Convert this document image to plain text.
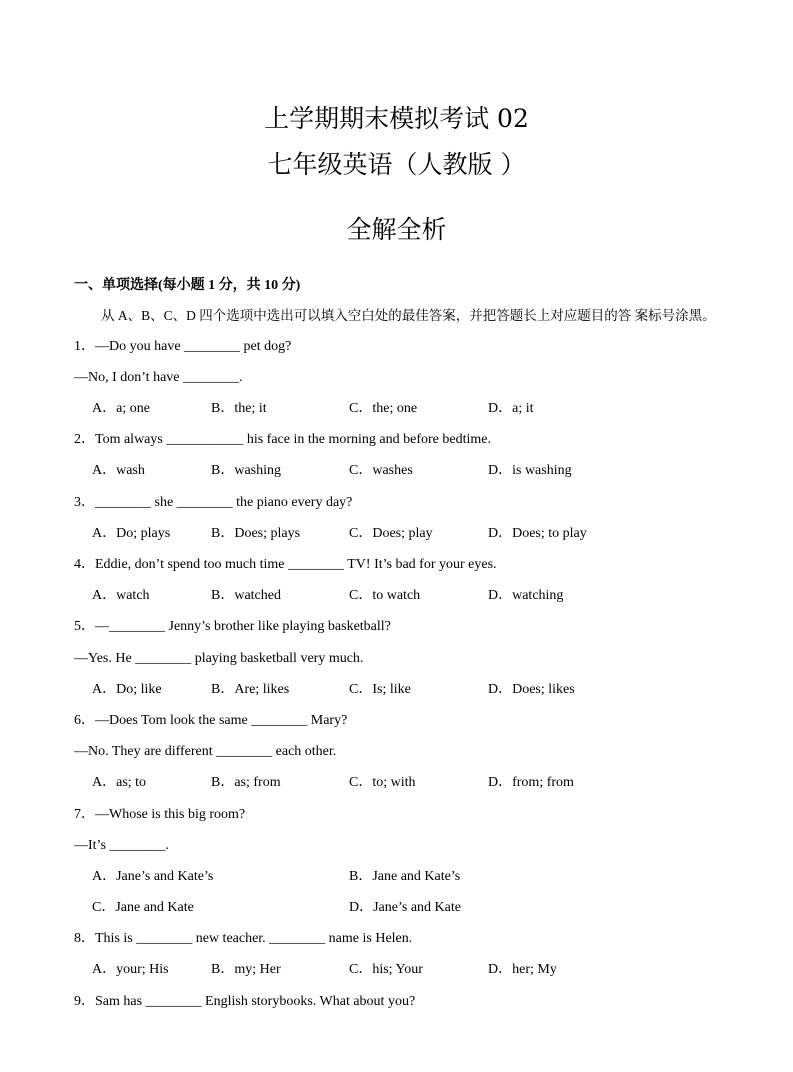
上学期期末模拟考试 02
七年级英语（人教版 ）
全解全析
一、单项选择(每小题 1 分，共 10 分)
从 A、B、C、D 四个选项中选出可以填入空白处的最佳答案，并把答题长上对应题目的答 案标号涂黑。
1．—Do you have ________ pet dog?
—No, I don’t have ________.
A．a; one	B．the; it	C．the; one	D．a; it
2．Tom always ___________ his face in the morning and before bedtime.
A．wash	B．washing	C．washes	D．is washing
3．________ she ________ the piano every day?
A．Do; plays	B．Does; plays	C．Does; play	D．Does; to play
4．Eddie, don’t spend too much time ________ TV! It’s bad for your eyes.
A．watch	B．watched	C．to watch	D．watching
5．—________ Jenny’s brother like playing basketball?
—Yes. He ________ playing basketball very much.
A．Do; like	B．Are; likes	C．Is; like	D．Does; likes
6．—Does Tom look the same ________ Mary?
—No. They are different ________ each other.
A．as; to	B．as; from	C．to; with	D．from; from
7．—Whose is this big room?
—It’s ________.
A．Jane’s and Kate’s	B．Jane and Kate’s
C．Jane and Kate	D．Jane’s and Kate
8．This is ________ new teacher. ________ name is Helen.
A．your; His	B．my; Her	C．his; Your	D．her; My
9．Sam has ________ English storybooks. What about you?
